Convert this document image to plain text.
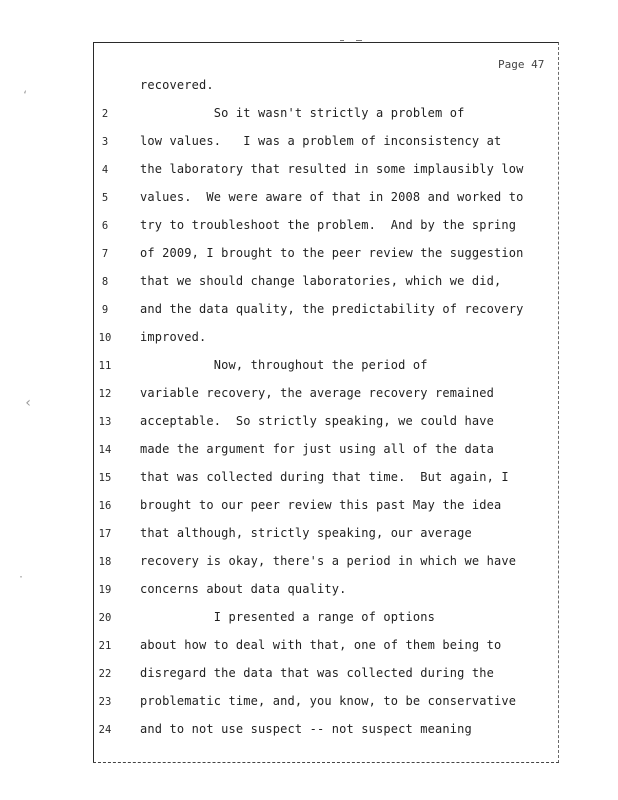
Page 47
recovered.
2	So it wasn't strictly a problem of
3	low values.   I was a problem of inconsistency at
4	the laboratory that resulted in some implausibly low
5	values.  We were aware of that in 2008 and worked to
6	try to troubleshoot the problem.  And by the spring
7	of 2009, I brought to the peer review the suggestion
8	that we should change laboratories, which we did,
9	and the data quality, the predictability of recovery
10	improved.
11	Now, throughout the period of
12	variable recovery, the average recovery remained
13	acceptable.  So strictly speaking, we could have
14	made the argument for just using all of the data
15	that was collected during that time.  But again, I
16	brought to our peer review this past May the idea
17	that although, strictly speaking, our average
18	recovery is okay, there's a period in which we have
19	concerns about data quality.
20	I presented a range of options
21	about how to deal with that, one of them being to
22	disregard the data that was collected during the
23	problematic time, and, you know, to be conservative
24	and to not use suspect -- not suspect meaning
‘
‹
·
